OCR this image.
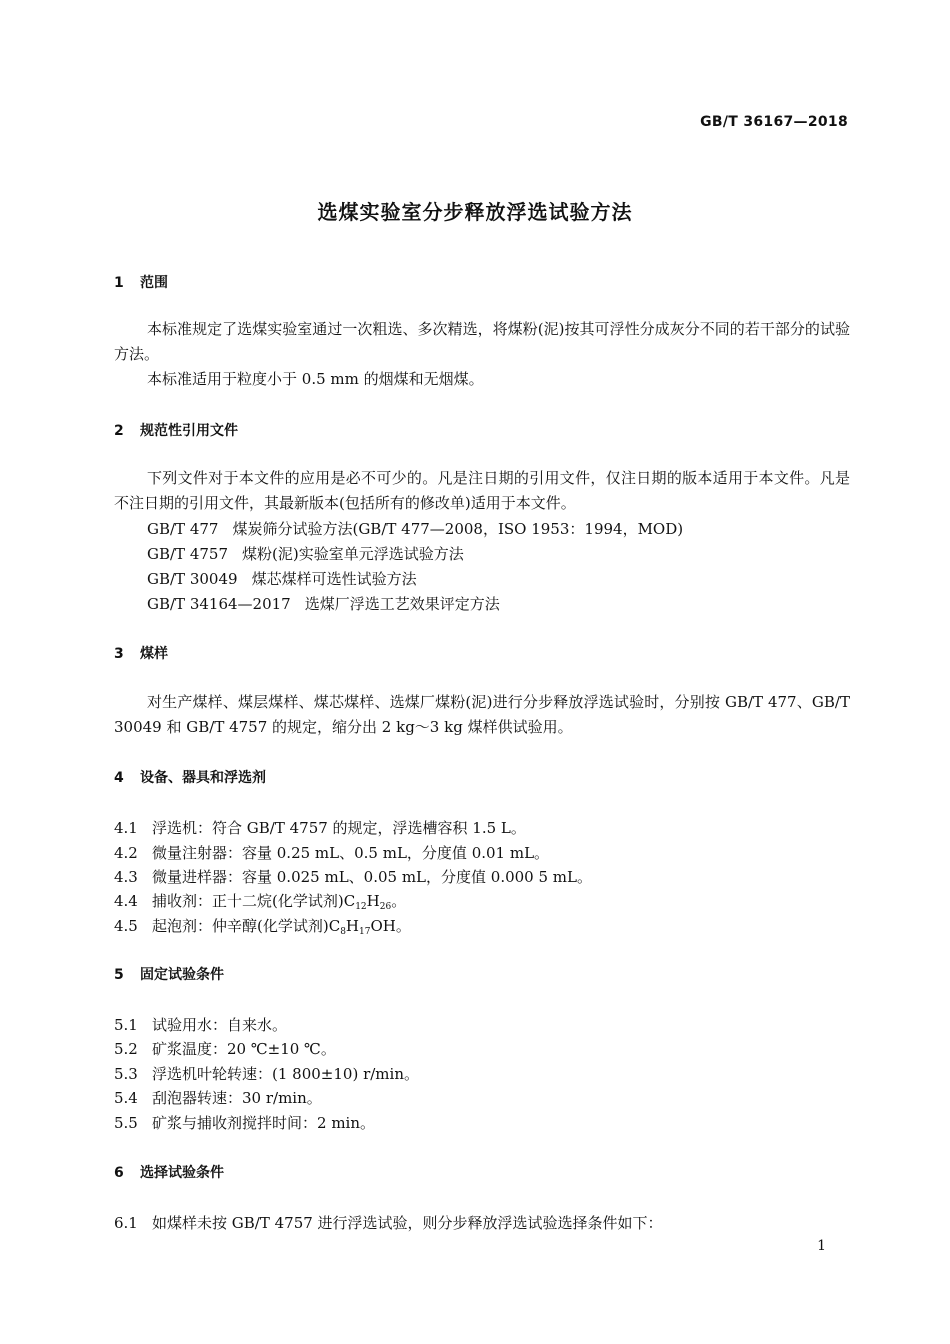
GB/T 36167—2018
选煤实验室分步释放浮选试验方法
1 范围
本标准规定了选煤实验室通过一次粗选、多次精选，将煤粉(泥)按其可浮性分成灰分不同的若干部分的试验方法。
本标准适用于粒度小于 0.5 mm 的烟煤和无烟煤。
2 规范性引用文件
下列文件对于本文件的应用是必不可少的。凡是注日期的引用文件，仅注日期的版本适用于本文件。凡是不注日期的引用文件，其最新版本(包括所有的修改单)适用于本文件。
GB/T 477 煤炭筛分试验方法(GB/T 477—2008，ISO 1953：1994，MOD)
GB/T 4757 煤粉(泥)实验室单元浮选试验方法
GB/T 30049 煤芯煤样可选性试验方法
GB/T 34164—2017 选煤厂浮选工艺效果评定方法
3 煤样
对生产煤样、煤层煤样、煤芯煤样、选煤厂煤粉(泥)进行分步释放浮选试验时，分别按 GB/T 477、GB/T 30049 和 GB/T 4757 的规定，缩分出 2 kg～3 kg 煤样供试验用。
4 设备、器具和浮选剂
4.1 浮选机：符合 GB/T 4757 的规定，浮选槽容积 1.5 L。
4.2 微量注射器：容量 0.25 mL、0.5 mL，分度值 0.01 mL。
4.3 微量进样器：容量 0.025 mL、0.05 mL，分度值 0.000 5 mL。
4.4 捕收剂：正十二烷(化学试剂)$C_{12}H_{26}$。
4.5 起泡剂：仲辛醇(化学试剂)$C_8H_{17}OH$。
5 固定试验条件
5.1 试验用水：自来水。
5.2 矿浆温度：20 ℃±10 ℃。
5.3 浮选机叶轮转速：(1 800±10) r/min。
5.4 刮泡器转速：30 r/min。
5.5 矿浆与捕收剂搅拌时间：2 min。
6 选择试验条件
6.1 如煤样未按 GB/T 4757 进行浮选试验，则分步释放浮选试验选择条件如下：
1
